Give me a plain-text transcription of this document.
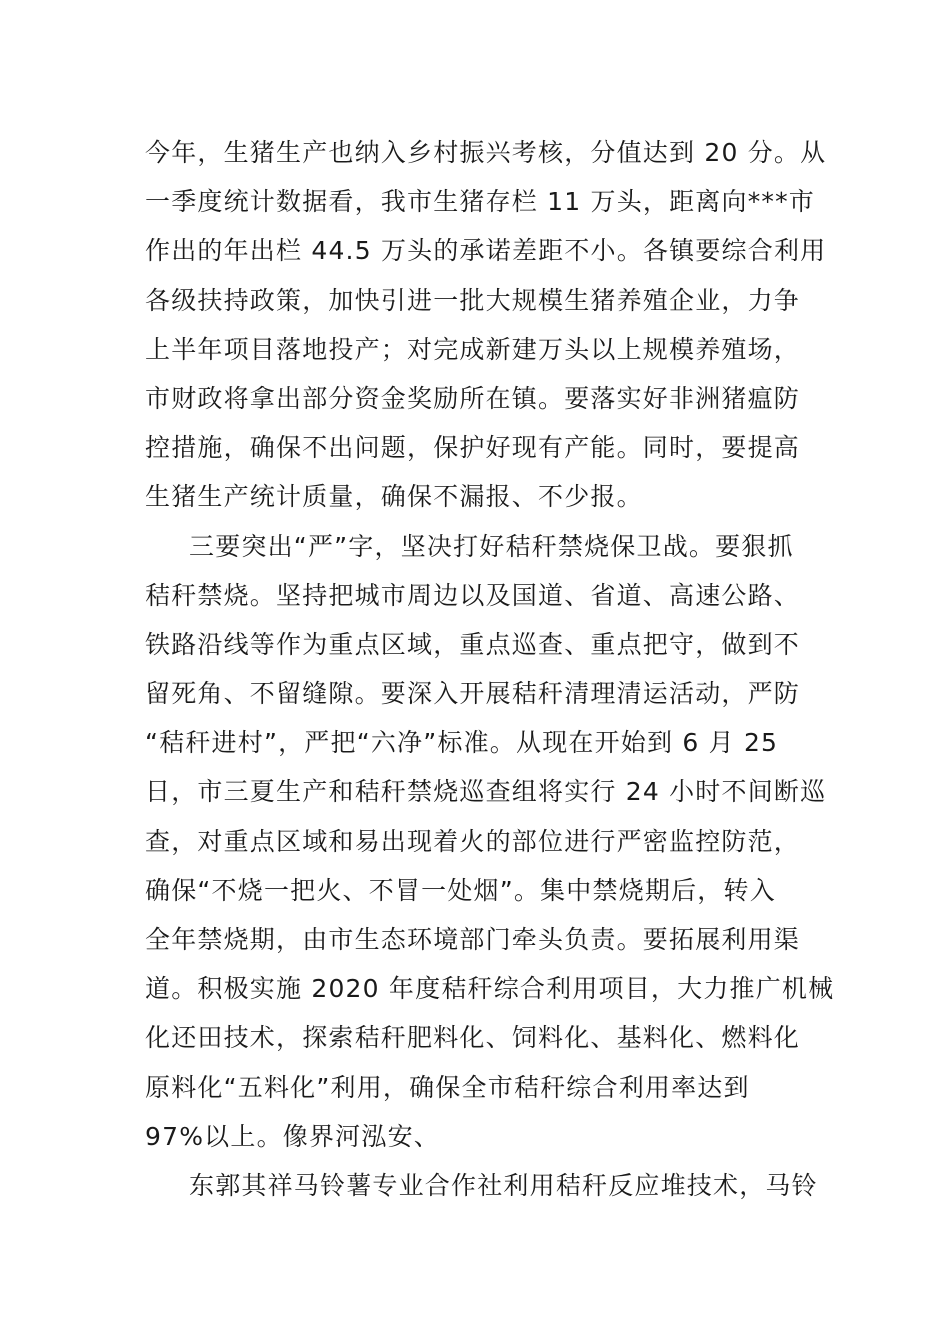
今年，生猪生产也纳入乡村振兴考核，分值达到 20 分。从
一季度统计数据看，我市生猪存栏 11 万头，距离向***市
作出的年出栏 44.5 万头的承诺差距不小。各镇要综合利用
各级扶持政策，加快引进一批大规模生猪养殖企业，力争
上半年项目落地投产；对完成新建万头以上规模养殖场，
市财政将拿出部分资金奖励所在镇。要落实好非洲猪瘟防
控措施，确保不出问题，保护好现有产能。同时，要提高
生猪生产统计质量，确保不漏报、不少报。
三要突出“严”字，坚决打好秸秆禁烧保卫战。要狠抓
秸秆禁烧。坚持把城市周边以及国道、省道、高速公路、
铁路沿线等作为重点区域，重点巡查、重点把守，做到不
留死角、不留缝隙。要深入开展秸秆清理清运活动，严防
“秸秆进村”，严把“六净”标准。从现在开始到 6 月 25
日，市三夏生产和秸秆禁烧巡查组将实行 24 小时不间断巡
查，对重点区域和易出现着火的部位进行严密监控防范，
确保“不烧一把火、不冒一处烟”。集中禁烧期后，转入
全年禁烧期，由市生态环境部门牵头负责。要拓展利用渠
道。积极实施 2020 年度秸秆综合利用项目，大力推广机械
化还田技术，探索秸秆肥料化、饲料化、基料化、燃料化
原料化“五料化”利用，确保全市秸秆综合利用率达到
97%以上。像界河泓安、
东郭其祥马铃薯专业合作社利用秸秆反应堆技术，马铃
